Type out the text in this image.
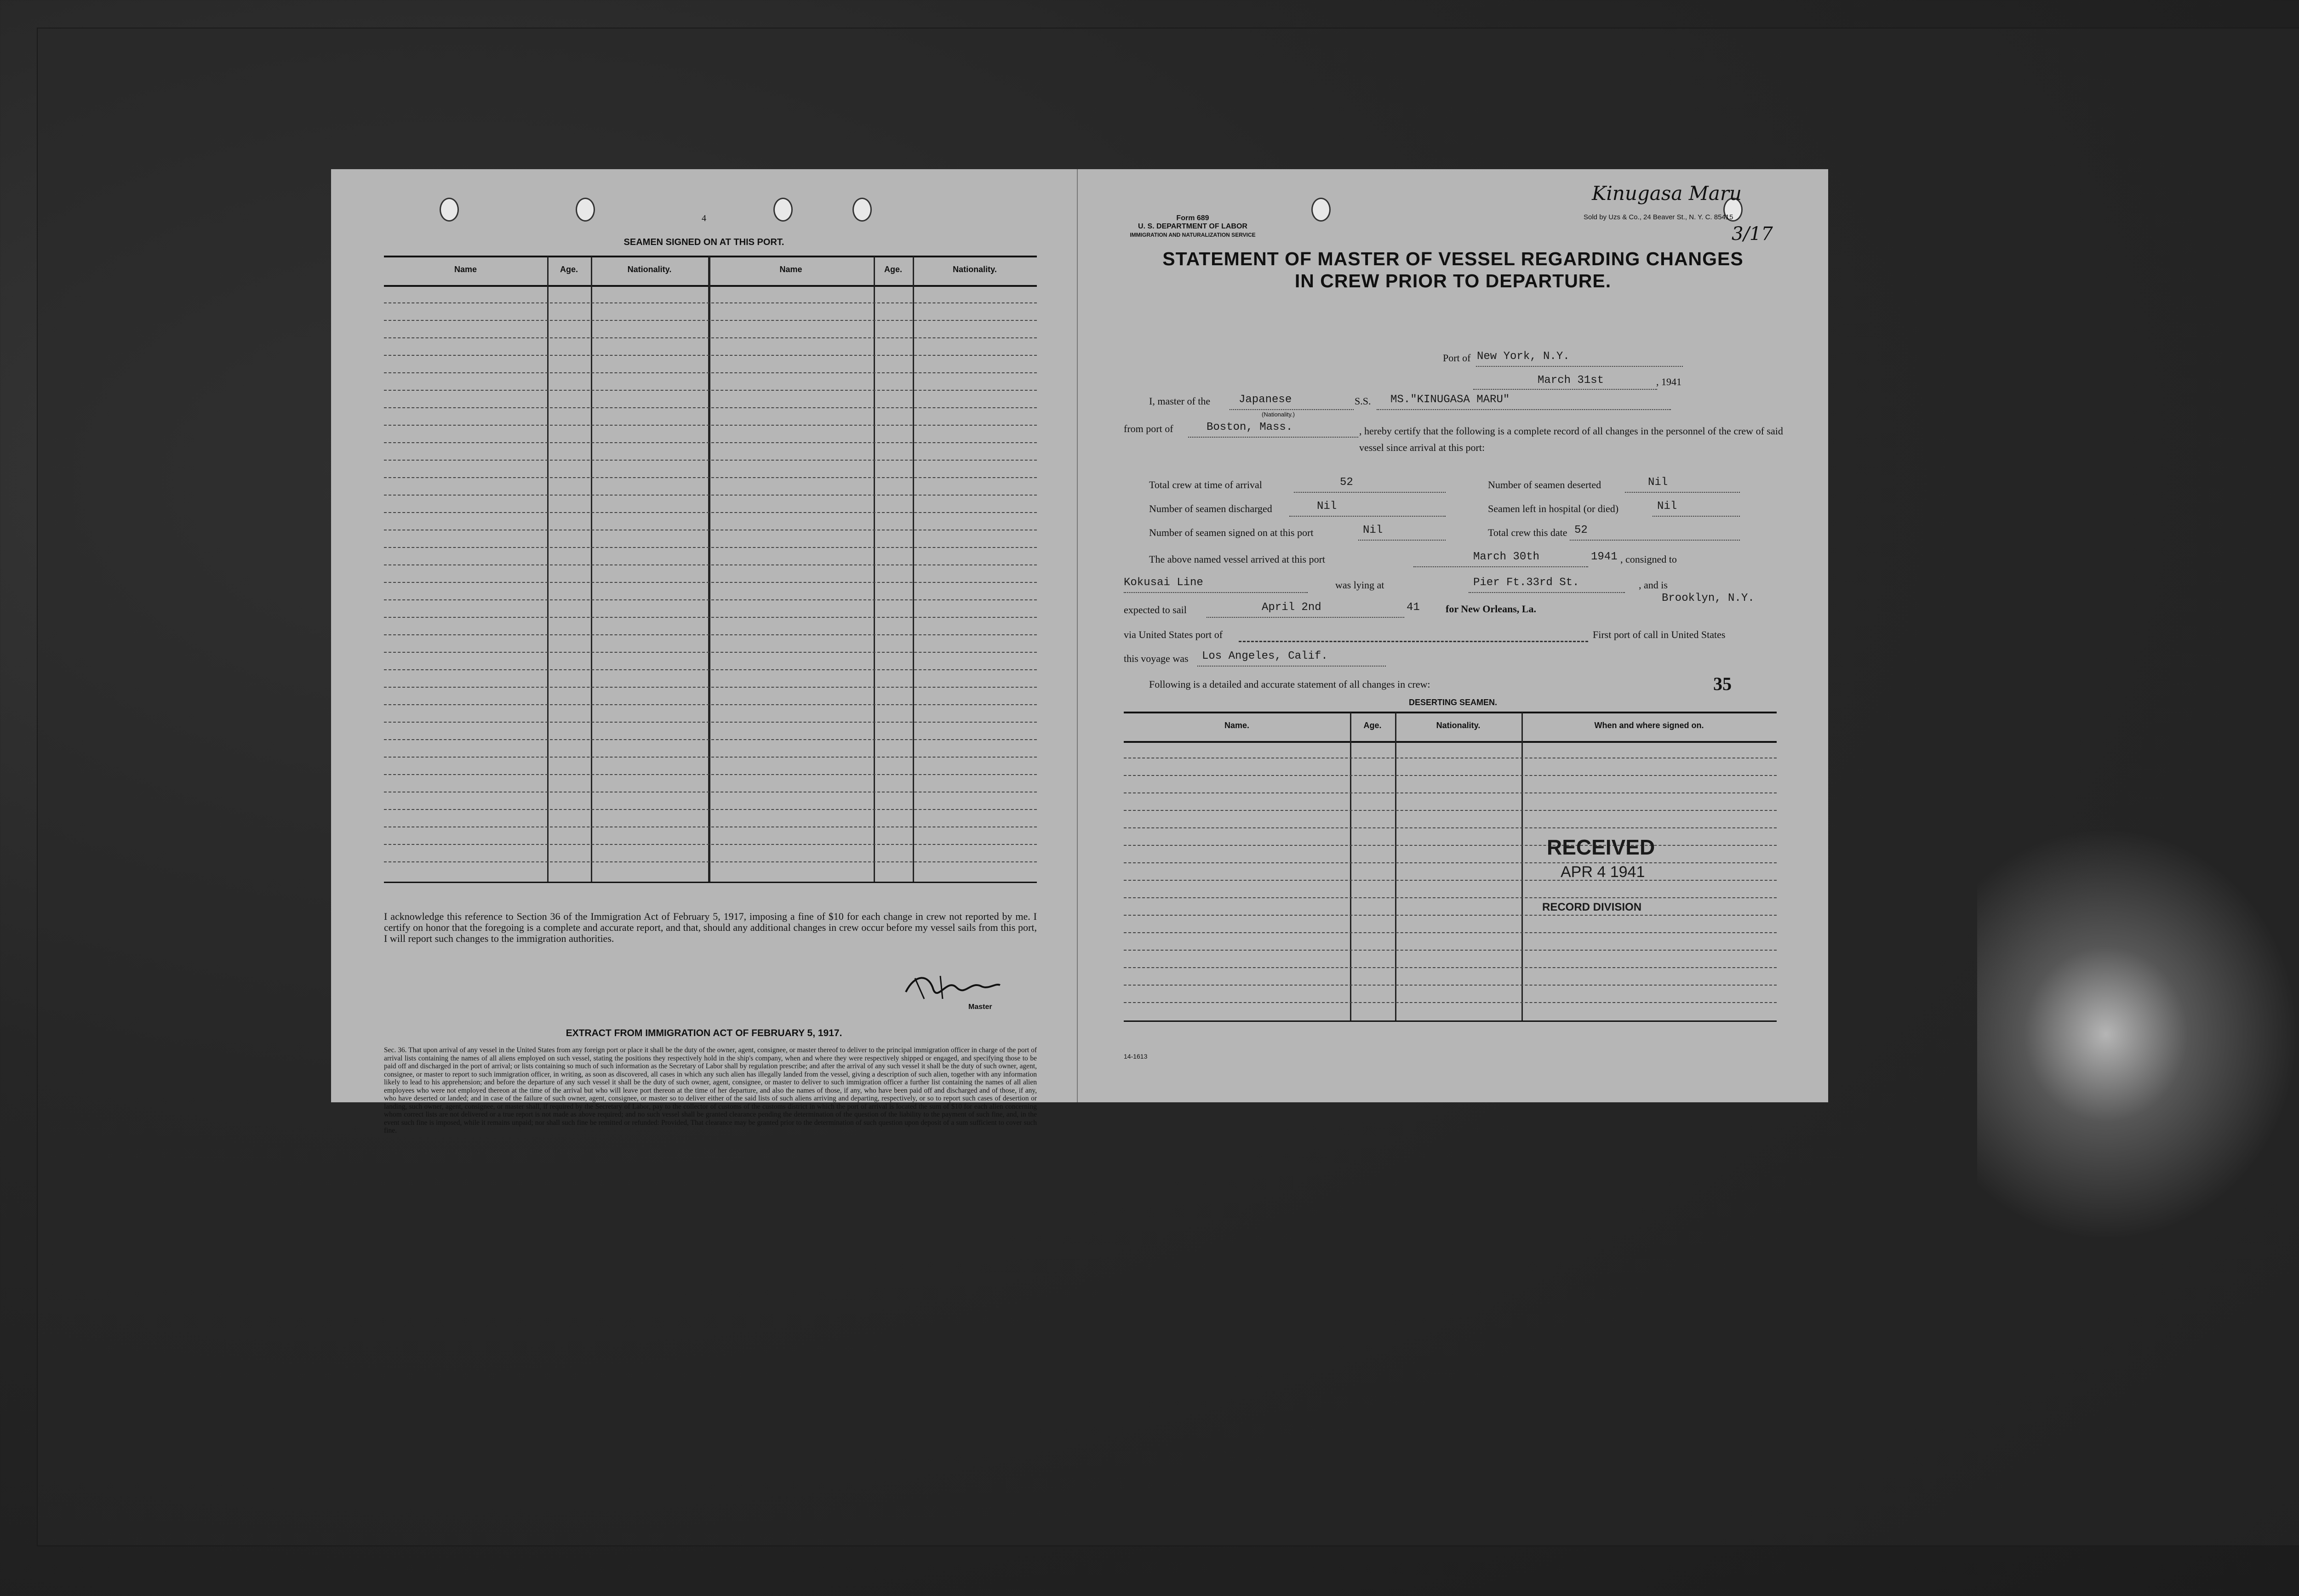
4
SEAMEN SIGNED ON AT THIS PORT.
Name	Age.	Nationality.	Name	Age.	Nationality.
I acknowledge this reference to Section 36 of the Immigration Act of February 5, 1917, imposing a fine of $10 for each change in crew not reported by me. I certify on honor that the foregoing is a complete and accurate report, and that, should any additional changes in crew occur before my vessel sails from this port, I will report such changes to the immigration authorities.
Master
EXTRACT FROM IMMIGRATION ACT OF FEBRUARY 5, 1917.
Sec. 36. That upon arrival of any vessel in the United States from any foreign port or place it shall be the duty of the owner, agent, consignee, or master thereof to deliver to the principal immigration officer in charge of the port of arrival lists containing the names of all aliens employed on such vessel, stating the positions they respectively hold in the ship's company, when and where they were respectively shipped or engaged, and specifying those to be paid off and discharged in the port of arrival; or lists containing so much of such information as the Secretary of Labor shall by regulation prescribe; and after the arrival of any such vessel it shall be the duty of such owner, agent, consignee, or master to report to such immigration officer, in writing, as soon as discovered, all cases in which any such alien has illegally landed from the vessel, giving a description of such alien, together with any information likely to lead to his apprehension; and before the departure of any such vessel it shall be the duty of such owner, agent, consignee, or master to deliver to such immigration officer a further list containing the names of all alien employees who were not employed thereon at the time of the arrival but who will leave port thereon at the time of her departure, and also the names of those, if any, who have been paid off and discharged and of those, if any, who have deserted or landed; and in case of the failure of such owner, agent, consignee, or master so to deliver either of the said lists of such aliens arriving and departing, respectively, or so to report such cases of desertion or landing, such owner, agent, consignee, or master shall, if required by the Secretary of Labor, pay to the collector of customs of the customs district in which the port of arrival is located the sum of $10 for each alien concerning whom correct lists are not delivered or a true report is not made as above required; and no such vessel shall be granted clearance pending the determination of the question of the liability to the payment of such fine, and, in the event such fine is imposed, while it remains unpaid; nor shall such fine be remitted or refunded: Provided, That clearance may be granted prior to the determination of such question upon deposit of a sum sufficient to cover such fine.
Form 689
U. S. DEPARTMENT OF LABOR
IMMIGRATION AND NATURALIZATION SERVICE
Sold by Uzs & Co., 24 Beaver St., N. Y. C. 85415
Kinugasa Maru
3/17
STATEMENT OF MASTER OF VESSEL REGARDING CHANGES
IN CREW PRIOR TO DEPARTURE.
Port of New York, N.Y.
March 31st	, 1941
I, master of the	Japanese
(Nationality.)
S.S. MS."KINUGASA MARU"
from port of	Boston, Mass.	, hereby certify that the following is a complete record of all changes in the personnel of the crew of said vessel since arrival at this port:
Total crew at time of arrival	52	Number of seamen deserted	Nil
Number of seamen discharged	Nil	Seamen left in hospital (or died)	Nil
Number of seamen signed on at this port	Nil	Total crew this date 52
The above named vessel arrived at this port	March 30th	1941 , consigned to
Kokusai Line	was lying at	Pier Ft.33rd St.	, and is
Brooklyn, N.Y.
expected to sail	April 2nd	41	for New Orleans, La.
via United States port of	First port of call in United States
this voyage was Los Angeles, Calif.
Following is a detailed and accurate statement of all changes in crew:	35
DESERTING SEAMEN.
Name.	Age.	Nationality.	When and where signed on.
RECEIVED
APR 4 1941
RECORD DIVISION
14-1613
